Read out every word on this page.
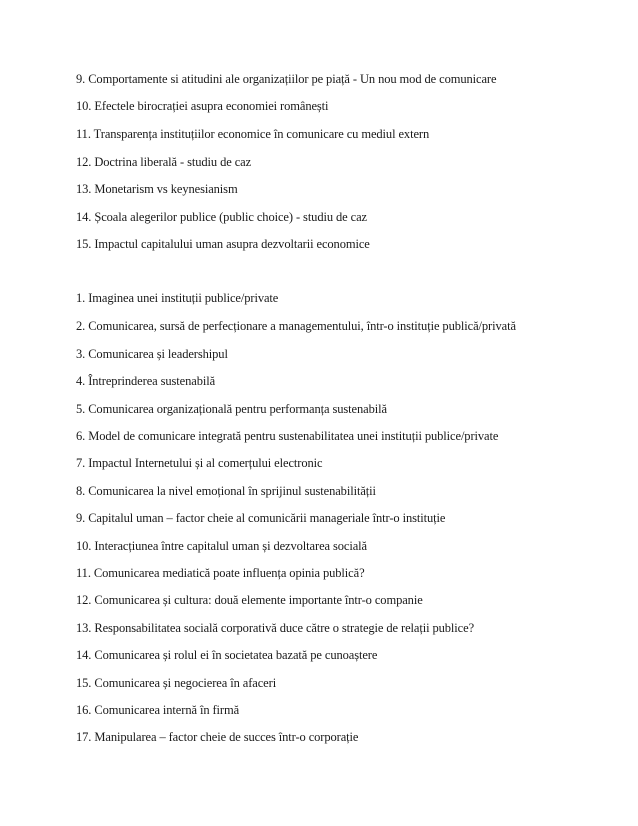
9. Comportamente si atitudini ale organizațiilor pe piață - Un nou mod de comunicare
10. Efectele birocrației asupra economiei românești
11. Transparența instituțiilor economice în comunicare cu mediul extern
12. Doctrina liberală - studiu de caz
13. Monetarism vs keynesianism
14. Școala alegerilor publice (public choice) - studiu de caz
15. Impactul capitalului uman asupra dezvoltarii economice
1. Imaginea unei instituții publice/private
2. Comunicarea, sursă de perfecționare a managementului, într-o instituție publică/privată
3. Comunicarea și leadershipul
4. Întreprinderea sustenabilă
5. Comunicarea organizațională pentru performanța sustenabilă
6. Model de comunicare integrată pentru sustenabilitatea unei instituții publice/private
7. Impactul Internetului și al comerțului electronic
8. Comunicarea la nivel emoțional în sprijinul sustenabilității
9. Capitalul uman – factor cheie al comunicării manageriale într-o instituție
10. Interacțiunea între capitalul uman și dezvoltarea socială
11. Comunicarea mediatică poate influența opinia publică?
12. Comunicarea și cultura: două elemente importante într-o companie
13. Responsabilitatea socială corporativă duce către o strategie de relații publice?
14. Comunicarea și rolul ei în societatea bazată pe cunoaștere
15. Comunicarea și negocierea în afaceri
16. Comunicarea internă în firmă
17. Manipularea – factor cheie de succes într-o corporație
